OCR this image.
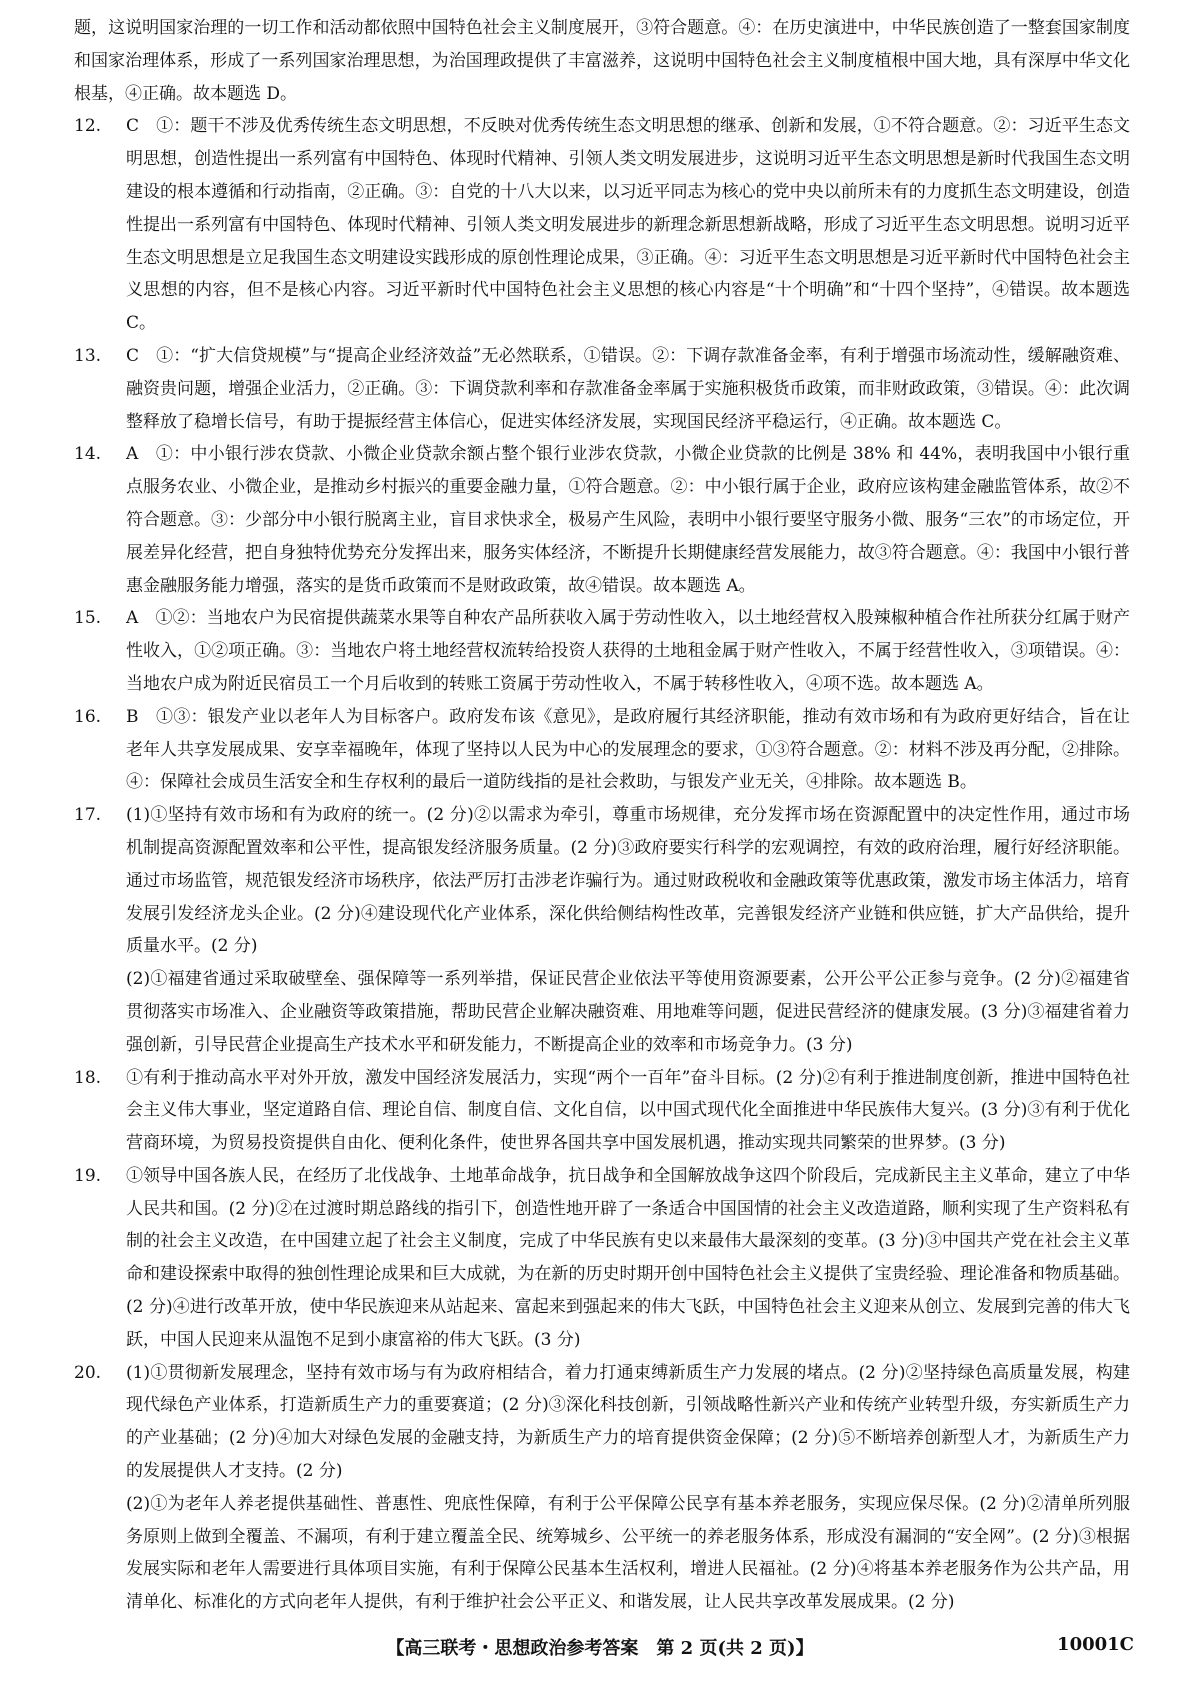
题，这说明国家治理的一切工作和活动都依照中国特色社会主义制度展开，③符合题意。④：在历史演进中，中华民族创造了一整套国家制度和国家治理体系，形成了一系列国家治理思想，为治国理政提供了丰富滋养，这说明中国特色社会主义制度植根中国大地，具有深厚中华文化根基，④正确。故本题选 D。

12. C　①：题干不涉及优秀传统生态文明思想，不反映对优秀传统生态文明思想的继承、创新和发展，①不符合题意。②：习近平生态文明思想，创造性提出一系列富有中国特色、体现时代精神、引领人类文明发展进步，这说明习近平生态文明思想是新时代我国生态文明建设的根本遵循和行动指南，②正确。③：自党的十八大以来，以习近平同志为核心的党中央以前所未有的力度抓生态文明建设，创造性提出一系列富有中国特色、体现时代精神、引领人类文明发展进步的新理念新思想新战略，形成了习近平生态文明思想。说明习近平生态文明思想是立足我国生态文明建设实践形成的原创性理论成果，③正确。④：习近平生态文明思想是习近平新时代中国特色社会主义思想的内容，但不是核心内容。习近平新时代中国特色社会主义思想的核心内容是“十个明确”和“十四个坚持”，④错误。故本题选 C。

13. C　①：“扩大信贷规模”与“提高企业经济效益”无必然联系，①错误。②：下调存款准备金率，有利于增强市场流动性，缓解融资难、融资贵问题，增强企业活力，②正确。③：下调贷款利率和存款准备金率属于实施积极货币政策，而非财政政策，③错误。④：此次调整释放了稳增长信号，有助于提振经营主体信心，促进实体经济发展，实现国民经济平稳运行，④正确。故本题选 C。

14. A　①：中小银行涉农贷款、小微企业贷款余额占整个银行业涉农贷款，小微企业贷款的比例是 38% 和 44%，表明我国中小银行重点服务农业、小微企业，是推动乡村振兴的重要金融力量，①符合题意。②：中小银行属于企业，政府应该构建金融监管体系，故②不符合题意。③：少部分中小银行脱离主业，盲目求快求全，极易产生风险，表明中小银行要坚守服务小微、服务“三农”的市场定位，开展差异化经营，把自身独特优势充分发挥出来，服务实体经济，不断提升长期健康经营发展能力，故③符合题意。④：我国中小银行普惠金融服务能力增强，落实的是货币政策而不是财政政策，故④错误。故本题选 A。

15. A　①②：当地农户为民宿提供蔬菜水果等自种农产品所获收入属于劳动性收入，以土地经营权入股辣椒种植合作社所获分红属于财产性收入，①②项正确。③：当地农户将土地经营权流转给投资人获得的土地租金属于财产性收入，不属于经营性收入，③项错误。④：当地农户成为附近民宿员工一个月后收到的转账工资属于劳动性收入，不属于转移性收入，④项不选。故本题选 A。

16. B　①③：银发产业以老年人为目标客户。政府发布该《意见》，是政府履行其经济职能，推动有效市场和有为政府更好结合，旨在让老年人共享发展成果、安享幸福晚年，体现了坚持以人民为中心的发展理念的要求，①③符合题意。②：材料不涉及再分配，②排除。④：保障社会成员生活安全和生存权利的最后一道防线指的是社会救助，与银发产业无关，④排除。故本题选 B。

17. (1)①坚持有效市场和有为政府的统一。(2 分)②以需求为牵引，尊重市场规律，充分发挥市场在资源配置中的决定性作用，通过市场机制提高资源配置效率和公平性，提高银发经济服务质量。(2 分)③政府要实行科学的宏观调控，有效的政府治理，履行好经济职能。通过市场监管，规范银发经济市场秩序，依法严厉打击涉老诈骗行为。通过财政税收和金融政策等优惠政策，激发市场主体活力，培育发展引发经济龙头企业。(2 分)④建设现代化产业体系，深化供给侧结构性改革，完善银发经济产业链和供应链，扩大产品供给，提升质量水平。(2 分)

(2)①福建省通过采取破壁垒、强保障等一系列举措，保证民营企业依法平等使用资源要素，公开公平公正参与竞争。(2 分)②福建省贯彻落实市场准入、企业融资等政策措施，帮助民营企业解决融资难、用地难等问题，促进民营经济的健康发展。(3 分)③福建省着力强创新，引导民营企业提高生产技术水平和研发能力，不断提高企业的效率和市场竞争力。(3 分)

18. ①有利于推动高水平对外开放，激发中国经济发展活力，实现“两个一百年”奋斗目标。(2 分)②有利于推进制度创新，推进中国特色社会主义伟大事业，坚定道路自信、理论自信、制度自信、文化自信，以中国式现代化全面推进中华民族伟大复兴。(3 分)③有利于优化营商环境，为贸易投资提供自由化、便利化条件，使世界各国共享中国发展机遇，推动实现共同繁荣的世界梦。(3 分)

19. ①领导中国各族人民，在经历了北伐战争、土地革命战争，抗日战争和全国解放战争这四个阶段后，完成新民主主义革命，建立了中华人民共和国。(2 分)②在过渡时期总路线的指引下，创造性地开辟了一条适合中国国情的社会主义改造道路，顺利实现了生产资料私有制的社会主义改造，在中国建立起了社会主义制度，完成了中华民族有史以来最伟大最深刻的变革。(3 分)③中国共产党在社会主义革命和建设探索中取得的独创性理论成果和巨大成就，为在新的历史时期开创中国特色社会主义提供了宝贵经验、理论准备和物质基础。(2 分)④进行改革开放，使中华民族迎来从站起来、富起来到强起来的伟大飞跃，中国特色社会主义迎来从创立、发展到完善的伟大飞跃，中国人民迎来从温饱不足到小康富裕的伟大飞跃。(3 分)

20. (1)①贯彻新发展理念，坚持有效市场与有为政府相结合，着力打通束缚新质生产力发展的堵点。(2 分)②坚持绿色高质量发展，构建现代绿色产业体系，打造新质生产力的重要赛道；(2 分)③深化科技创新，引领战略性新兴产业和传统产业转型升级，夯实新质生产力的产业基础；(2 分)④加大对绿色发展的金融支持，为新质生产力的培育提供资金保障；(2 分)⑤不断培养创新型人才，为新质生产力的发展提供人才支持。(2 分)

(2)①为老年人养老提供基础性、普惠性、兜底性保障，有利于公平保障公民享有基本养老服务，实现应保尽保。(2 分)②清单所列服务原则上做到全覆盖、不漏项，有利于建立覆盖全民、统筹城乡、公平统一的养老服务体系，形成没有漏洞的“安全网”。(2 分)③根据发展实际和老年人需要进行具体项目实施，有利于保障公民基本生活权利，增进人民福祉。(2 分)④将基本养老服务作为公共产品，用清单化、标准化的方式向老年人提供，有利于维护社会公平正义、和谐发展，让人民共享改革发展成果。(2 分)

【高三联考・思想政治参考答案　第 2 页(共 2 页)】	10001C
